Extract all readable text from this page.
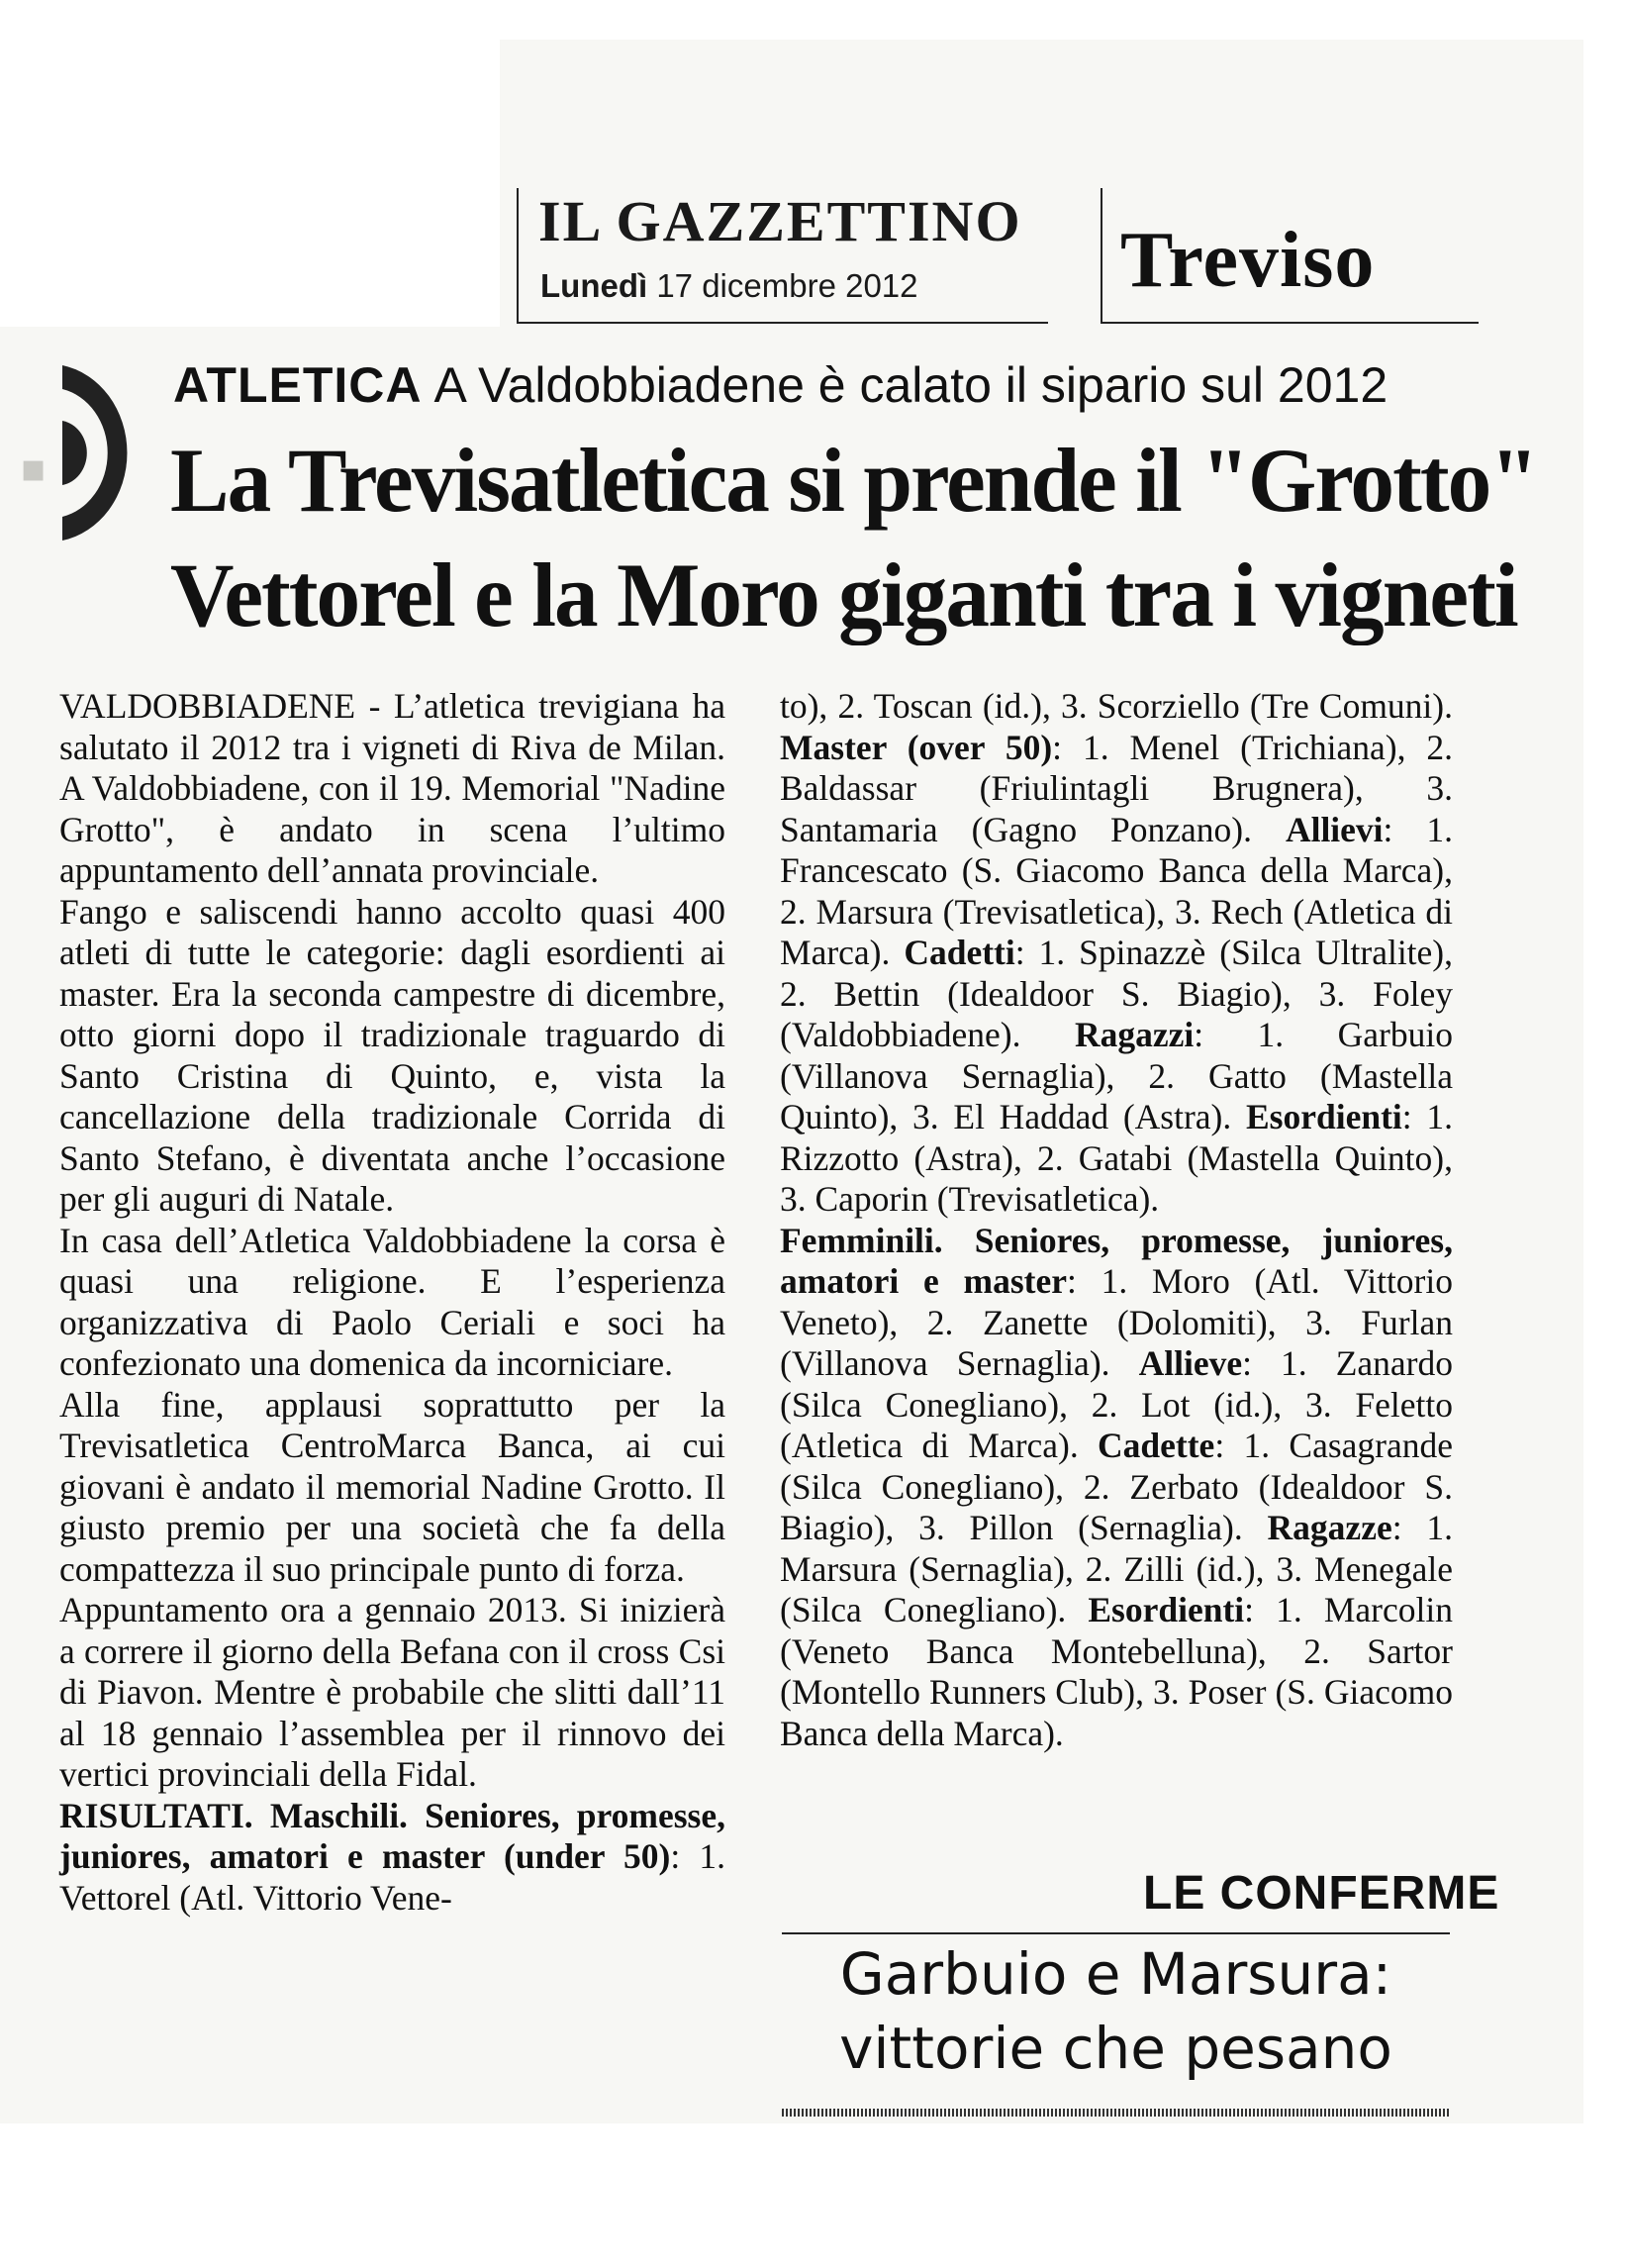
▪
IL GAZZETTINO
Lunedì 17 dicembre 2012	Treviso
ATLETICA A Valdobbiadene è calato il sipario sul 2012
La Trevisatletica si prende il "Grotto"
Vettorel e la Moro giganti tra i vigneti

VALDOBBIADENE - L’atletica trevigiana ha salutato il 2012 tra i vigneti di Riva de Milan. A Valdobbiadene, con il 19. Memorial "Nadine Grotto", è andato in scena l’ultimo appuntamento dell’annata provinciale.

Fango e saliscendi hanno accolto quasi 400 atleti di tutte le categorie: dagli esordienti ai master. Era la seconda campestre di dicembre, otto giorni dopo il tradizionale traguardo di Santo Cristina di Quinto, e, vista la cancellazione della tradizionale Corrida di Santo Stefano, è diventata anche l’occasione per gli auguri di Natale.

In casa dell’Atletica Valdobbiadene la corsa è quasi una religione. E l’esperienza organizzativa di Paolo Ceriali e soci ha confezionato una domenica da incorniciare.

Alla fine, applausi soprattutto per la Trevisatletica CentroMarca Banca, ai cui giovani è andato il memorial Nadine Grotto. Il giusto premio per una società che fa della compattezza il suo principale punto di forza.

Appuntamento ora a gennaio 2013. Si inizierà a correre il giorno della Befana con il cross Csi di Piavon. Mentre è probabile che slitti dall’11 al 18 gennaio l’assemblea per il rinnovo dei vertici provinciali della Fidal.

RISULTATI. Maschili. Seniores, promesse, juniores, amatori e master (under 50): 1. Vettorel (Atl. Vittorio Vene-

to), 2. Toscan (id.), 3. Scorziello (Tre Comuni). Master (over 50): 1. Menel (Trichiana), 2. Baldassar (Friulintagli Brugnera), 3. Santamaria (Gagno Ponzano). Allievi: 1. Francescato (S. Giacomo Banca della Marca), 2. Marsura (Trevisatletica), 3. Rech (Atletica di Marca). Cadetti: 1. Spinazzè (Silca Ultralite), 2. Bettin (Idealdoor S. Biagio), 3. Foley (Valdobbiadene). Ragazzi: 1. Garbuio (Villanova Sernaglia), 2. Gatto (Mastella Quinto), 3. El Haddad (Astra). Esordienti: 1. Rizzotto (Astra), 2. Gatabi (Mastella Quinto), 3. Caporin (Trevisatletica).

Femminili. Seniores, promesse, juniores, amatori e master: 1. Moro (Atl. Vittorio Veneto), 2. Zanette (Dolomiti), 3. Furlan (Villanova Sernaglia). Allieve: 1. Zanardo (Silca Conegliano), 2. Lot (id.), 3. Feletto (Atletica di Marca). Cadette: 1. Casagrande (Silca Conegliano), 2. Zerbato (Idealdoor S. Biagio), 3. Pillon (Sernaglia). Ragazze: 1. Marsura (Sernaglia), 2. Zilli (id.), 3. Menegale (Silca Conegliano). Esordienti: 1. Marcolin (Veneto Banca Montebelluna), 2. Sartor (Montello Runners Club), 3. Poser (S. Giacomo Banca della Marca).

LE CONFERME
Garbuio e Marsura:
vittorie che pesano
